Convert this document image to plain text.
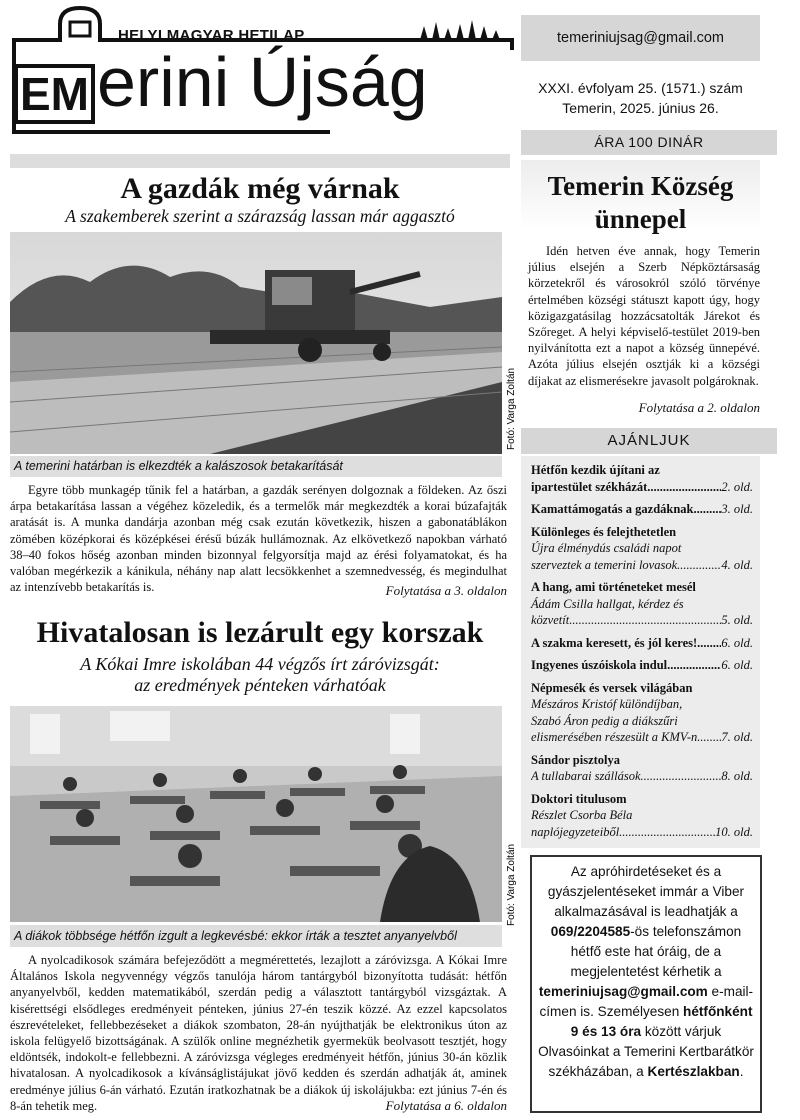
HELYI MAGYAR HETILAP
$^{EM}$ erini Újság
temeriniujsag@gmail.com
XXXI. évfolyam 25. (1571.) szám
Temerin, 2025. június 26.
ÁRA 100 DINÁR
A gazdák még várnak
A szakemberek szerint a szárazság lassan már aggasztó
Fotó: Varga Zoltán
A temerini határban is elkezdték a kalászosok betakarítását
Egyre több munkagép tűnik fel a határban, a gazdák serényen dolgoznak a földeken. Az őszi árpa betakarítása lassan a végéhez közeledik, és a termelők már megkezdték a korai búzafajták aratását is. A munka dandárja azonban még csak ezután következik, hiszen a gabonatáblákon zömében középkorai és középkései érésű búzák hullámoznak. Az elkövetkező napokban várható 38–40 fokos hőség azonban minden bizonnyal felgyorsítja majd az érési folyamatokat, és ha valóban megérkezik a kánikula, néhány nap alatt lecsökkenhet a szemnedvesség, és megindulhat az intenzívebb betakarítás is.	Folytatása a 3. oldalon
Hivatalosan is lezárult egy korszak
A Kókai Imre iskolában 44 végzős írt záróvizsgát:
az eredmények pénteken várhatóak
Fotó: Varga Zoltán
A diákok többsége hétfőn izgult a legkevésbé: ekkor írták a tesztet anyanyelvből
A nyolcadikosok számára befejeződött a megmérettetés, lezajlott a záróvizsga. A Kókai Imre Általános Iskola negyvennégy végzős tanulója három tantárgyból bizonyította tudását: hétfőn anyanyelvből, kedden matematikából, szerdán pedig a választott tantárgyból vizsgáztak. A kisérettségi elsődleges eredményeit pénteken, június 27-én teszik közzé. Az ezzel kapcsolatos észrevételeket, fellebbezéseket a diákok szombaton, 28-án nyújthatják be elektronikus úton az iskola felügyelő bizottságának. A szülők online megnézhetik gyermekük beolvasott tesztjét, hogy eldöntsék, indokolt-e fellebbezni. A záróvizsga végleges eredményeit hétfőn, június 30-án közlik hivatalosan. A nyolcadikosok a kívánságlistájukat jövő kedden és szerdán adhatják át, aminek eredménye július 6-án várható. Ezután iratkozhatnak be a diákok új iskolájukba: ezt június 7-én és 8-án tehetik meg.	Folytatása a 6. oldalon
Temerin Község
ünnepel
Idén hetven éve annak, hogy Temerin július elsején a Szerb Népköztársaság körzetekről és városokról szóló törvénye értelmében községi státuszt kapott úgy, hogy közigazgatásilag hozzácsatolták Járekot és Szőreget. A helyi képviselő-testület 2019-ben nyilvánította ezt a napot a község ünnepévé. Azóta július elsején osztják ki a községi díjakat az elismerésekre javasolt polgároknak.
Folytatása a 2. oldalon
AJÁNLJUK
Hétfőn kezdik újítani az
ipartestület székházát .....	2. old.
Kamattámogatás a gazdáknak .....	3. old.
Különleges és felejthetetlen
Újra élménydús családi napot
szerveztek a temerini lovasok .....	4. old.
A hang, ami történeteket mesél
Ádám Csilla hallgat, kérdez és
közvetít .....	5. old.
A szakma keresett, és jól keres! .....	6. old.
Ingyenes úszóiskola indul .....	6. old.
Népmesék és versek világában
Mészáros Kristóf különdíjban,
Szabó Áron pedig a diákszűri
elismerésében részesült a KMV-n .....	7. old.
Sándor pisztolya
A tullabarai szállások .....	8. old.
Doktori titulusom
Részlet Csorba Béla
naplójegyzeteiből .....	10. old.
Az apróhirdetéseket és a gyászjelentéseket immár a Viber alkalmazásával is leadhatják a 069/2204585-ös telefonszámon hétfő este hat óráig, de a megjelentetést kérhetik a temeriniujsag@gmail.com e-mail-címen is. Személyesen hétfőnként 9 és 13 óra között várjuk Olvasóinkat a Temerini Kertbarátkör székházában, a Kertészlakban.
